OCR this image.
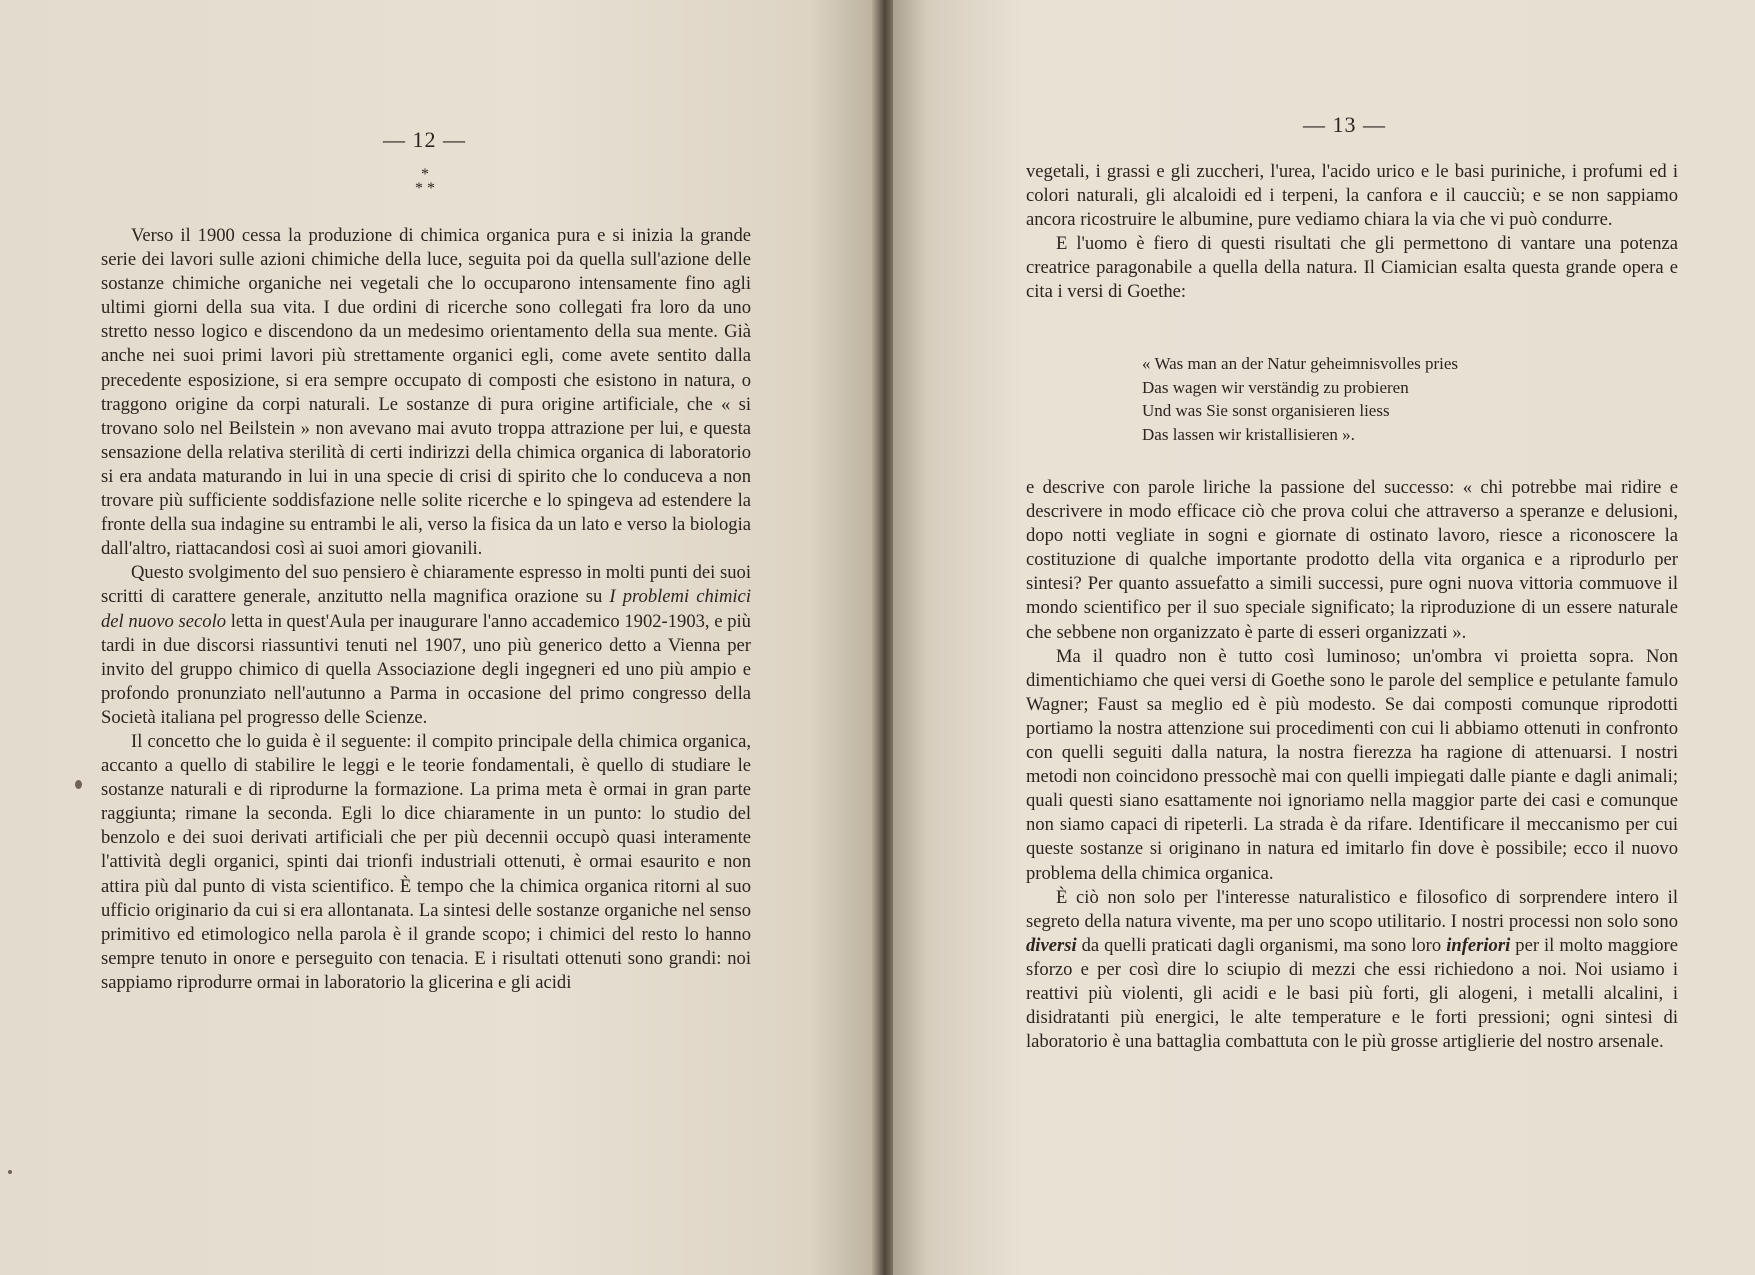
— 12 —
*
* *

Verso il 1900 cessa la produzione di chimica organica pura e si inizia la grande serie dei lavori sulle azioni chimiche della luce, seguita poi da quella sull'azione delle sostanze chimiche organiche nei vegetali che lo occuparono intensamente fino agli ultimi giorni della sua vita. I due ordini di ricerche sono collegati fra loro da uno stretto nesso logico e discendono da un medesimo orientamento della sua mente. Già anche nei suoi primi lavori più strettamente organici egli, come avete sentito dalla precedente esposizione, si era sempre occupato di composti che esistono in natura, o traggono origine da corpi naturali. Le sostanze di pura origine artificiale, che « si trovano solo nel Beilstein » non avevano mai avuto troppa attrazione per lui, e questa sensazione della relativa sterilità di certi indirizzi della chimica organica di laboratorio si era andata maturando in lui in una specie di crisi di spirito che lo conduceva a non trovare più sufficiente soddisfazione nelle solite ricerche e lo spingeva ad estendere la fronte della sua indagine su entrambi le ali, verso la fisica da un lato e verso la biologia dall'altro, riattacandosi così ai suoi amori giovanili.

Questo svolgimento del suo pensiero è chiaramente espresso in molti punti dei suoi scritti di carattere generale, anzitutto nella magnifica orazione su I problemi chimici del nuovo secolo letta in quest'Aula per inaugurare l'anno accademico 1902-1903, e più tardi in due discorsi riassuntivi tenuti nel 1907, uno più generico detto a Vienna per invito del gruppo chimico di quella Associazione degli ingegneri ed uno più ampio e profondo pronunziato nell'autunno a Parma in occasione del primo congresso della Società italiana pel progresso delle Scienze.

Il concetto che lo guida è il seguente: il compito principale della chimica organica, accanto a quello di stabilire le leggi e le teorie fondamentali, è quello di studiare le sostanze naturali e di riprodurne la formazione. La prima meta è ormai in gran parte raggiunta; rimane la seconda. Egli lo dice chiaramente in un punto: lo studio del benzolo e dei suoi derivati artificiali che per più decennii occupò quasi interamente l'attività degli organici, spinti dai trionfi industriali ottenuti, è ormai esaurito e non attira più dal punto di vista scientifico. È tempo che la chimica organica ritorni al suo ufficio originario da cui si era allontanata. La sintesi delle sostanze organiche nel senso primitivo ed etimologico nella parola è il grande scopo; i chimici del resto lo hanno sempre tenuto in onore e perseguito con tenacia. E i risultati ottenuti sono grandi: noi sappiamo riprodurre ormai in laboratorio la glicerina e gli acidi

— 13 —

vegetali, i grassi e gli zuccheri, l'urea, l'acido urico e le basi puriniche, i profumi ed i colori naturali, gli alcaloidi ed i terpeni, la canfora e il caucciù; e se non sappiamo ancora ricostruire le albumine, pure vediamo chiara la via che vi può condurre.

E l'uomo è fiero di questi risultati che gli permettono di vantare una potenza creatrice paragonabile a quella della natura. Il Ciamician esalta questa grande opera e cita i versi di Goethe:

« Was man an der Natur geheimnisvolles pries
Das wagen wir verständig zu probieren
Und was Sie sonst organisieren liess
Das lassen wir kristallisieren ».

e descrive con parole liriche la passione del successo: « chi potrebbe mai ridire e descrivere in modo efficace ciò che prova colui che attraverso a speranze e delusioni, dopo notti vegliate in sogni e giornate di ostinato lavoro, riesce a riconoscere la costituzione di qualche importante prodotto della vita organica e a riprodurlo per sintesi? Per quanto assuefatto a simili successi, pure ogni nuova vittoria commuove il mondo scientifico per il suo speciale significato; la riproduzione di un essere naturale che sebbene non organizzato è parte di esseri organizzati ».

Ma il quadro non è tutto così luminoso; un'ombra vi proietta sopra. Non dimentichiamo che quei versi di Goethe sono le parole del semplice e petulante famulo Wagner; Faust sa meglio ed è più modesto. Se dai composti comunque riprodotti portiamo la nostra attenzione sui procedimenti con cui li abbiamo ottenuti in confronto con quelli seguiti dalla natura, la nostra fierezza ha ragione di attenuarsi. I nostri metodi non coincidono pressochè mai con quelli impiegati dalle piante e dagli animali; quali questi siano esattamente noi ignoriamo nella maggior parte dei casi e comunque non siamo capaci di ripeterli. La strada è da rifare. Identificare il meccanismo per cui queste sostanze si originano in natura ed imitarlo fin dove è possibile; ecco il nuovo problema della chimica organica.

È ciò non solo per l'interesse naturalistico e filosofico di sorprendere intero il segreto della natura vivente, ma per uno scopo utilitario. I nostri processi non solo sono diversi da quelli praticati dagli organismi, ma sono loro inferiori per il molto maggiore sforzo e per così dire lo sciupio di mezzi che essi richiedono a noi. Noi usiamo i reattivi più violenti, gli acidi e le basi più forti, gli alogeni, i metalli alcalini, i disidratanti più energici, le alte temperature e le forti pressioni; ogni sintesi di laboratorio è una battaglia combattuta con le più grosse artiglierie del nostro arsenale.
